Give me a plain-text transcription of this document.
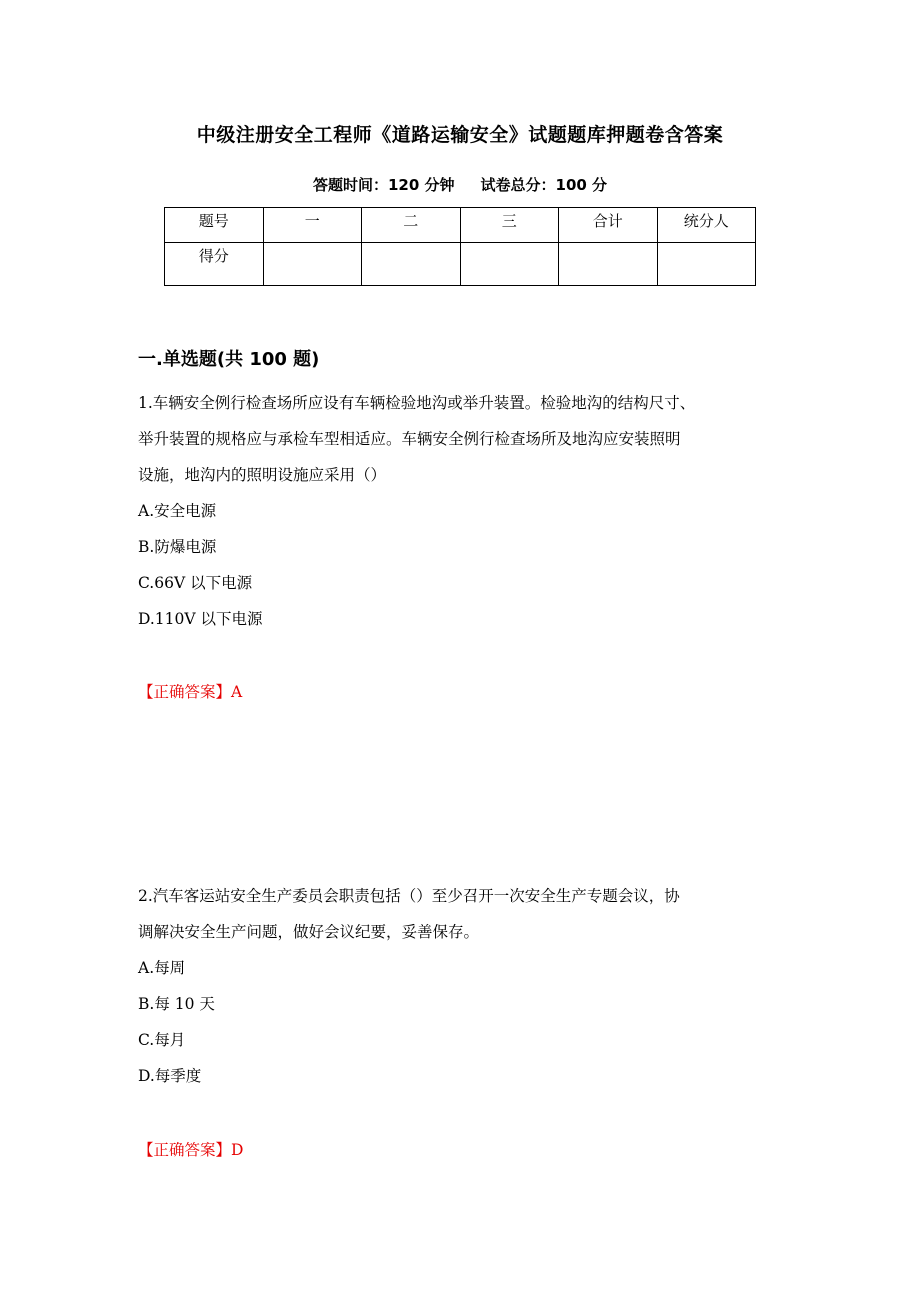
中级注册安全工程师《道路运输安全》试题题库押题卷含答案
答题时间：120 分钟 试卷总分：100 分
题号	一	二	三	合计	统分人
得分					
一.单选题(共 100 题)

1.车辆安全例行检查场所应设有车辆检验地沟或举升装置。检验地沟的结构尺寸、

举升装置的规格应与承检车型相适应。车辆安全例行检查场所及地沟应安装照明

设施，地沟内的照明设施应采用（）

A.安全电源

B.防爆电源

C.66V 以下电源

D.110V 以下电源

【正确答案】A

2.汽车客运站安全生产委员会职责包括（）至少召开一次安全生产专题会议，协

调解决安全生产问题，做好会议纪要，妥善保存。

A.每周

B.每 10 天

C.每月

D.每季度

【正确答案】D
